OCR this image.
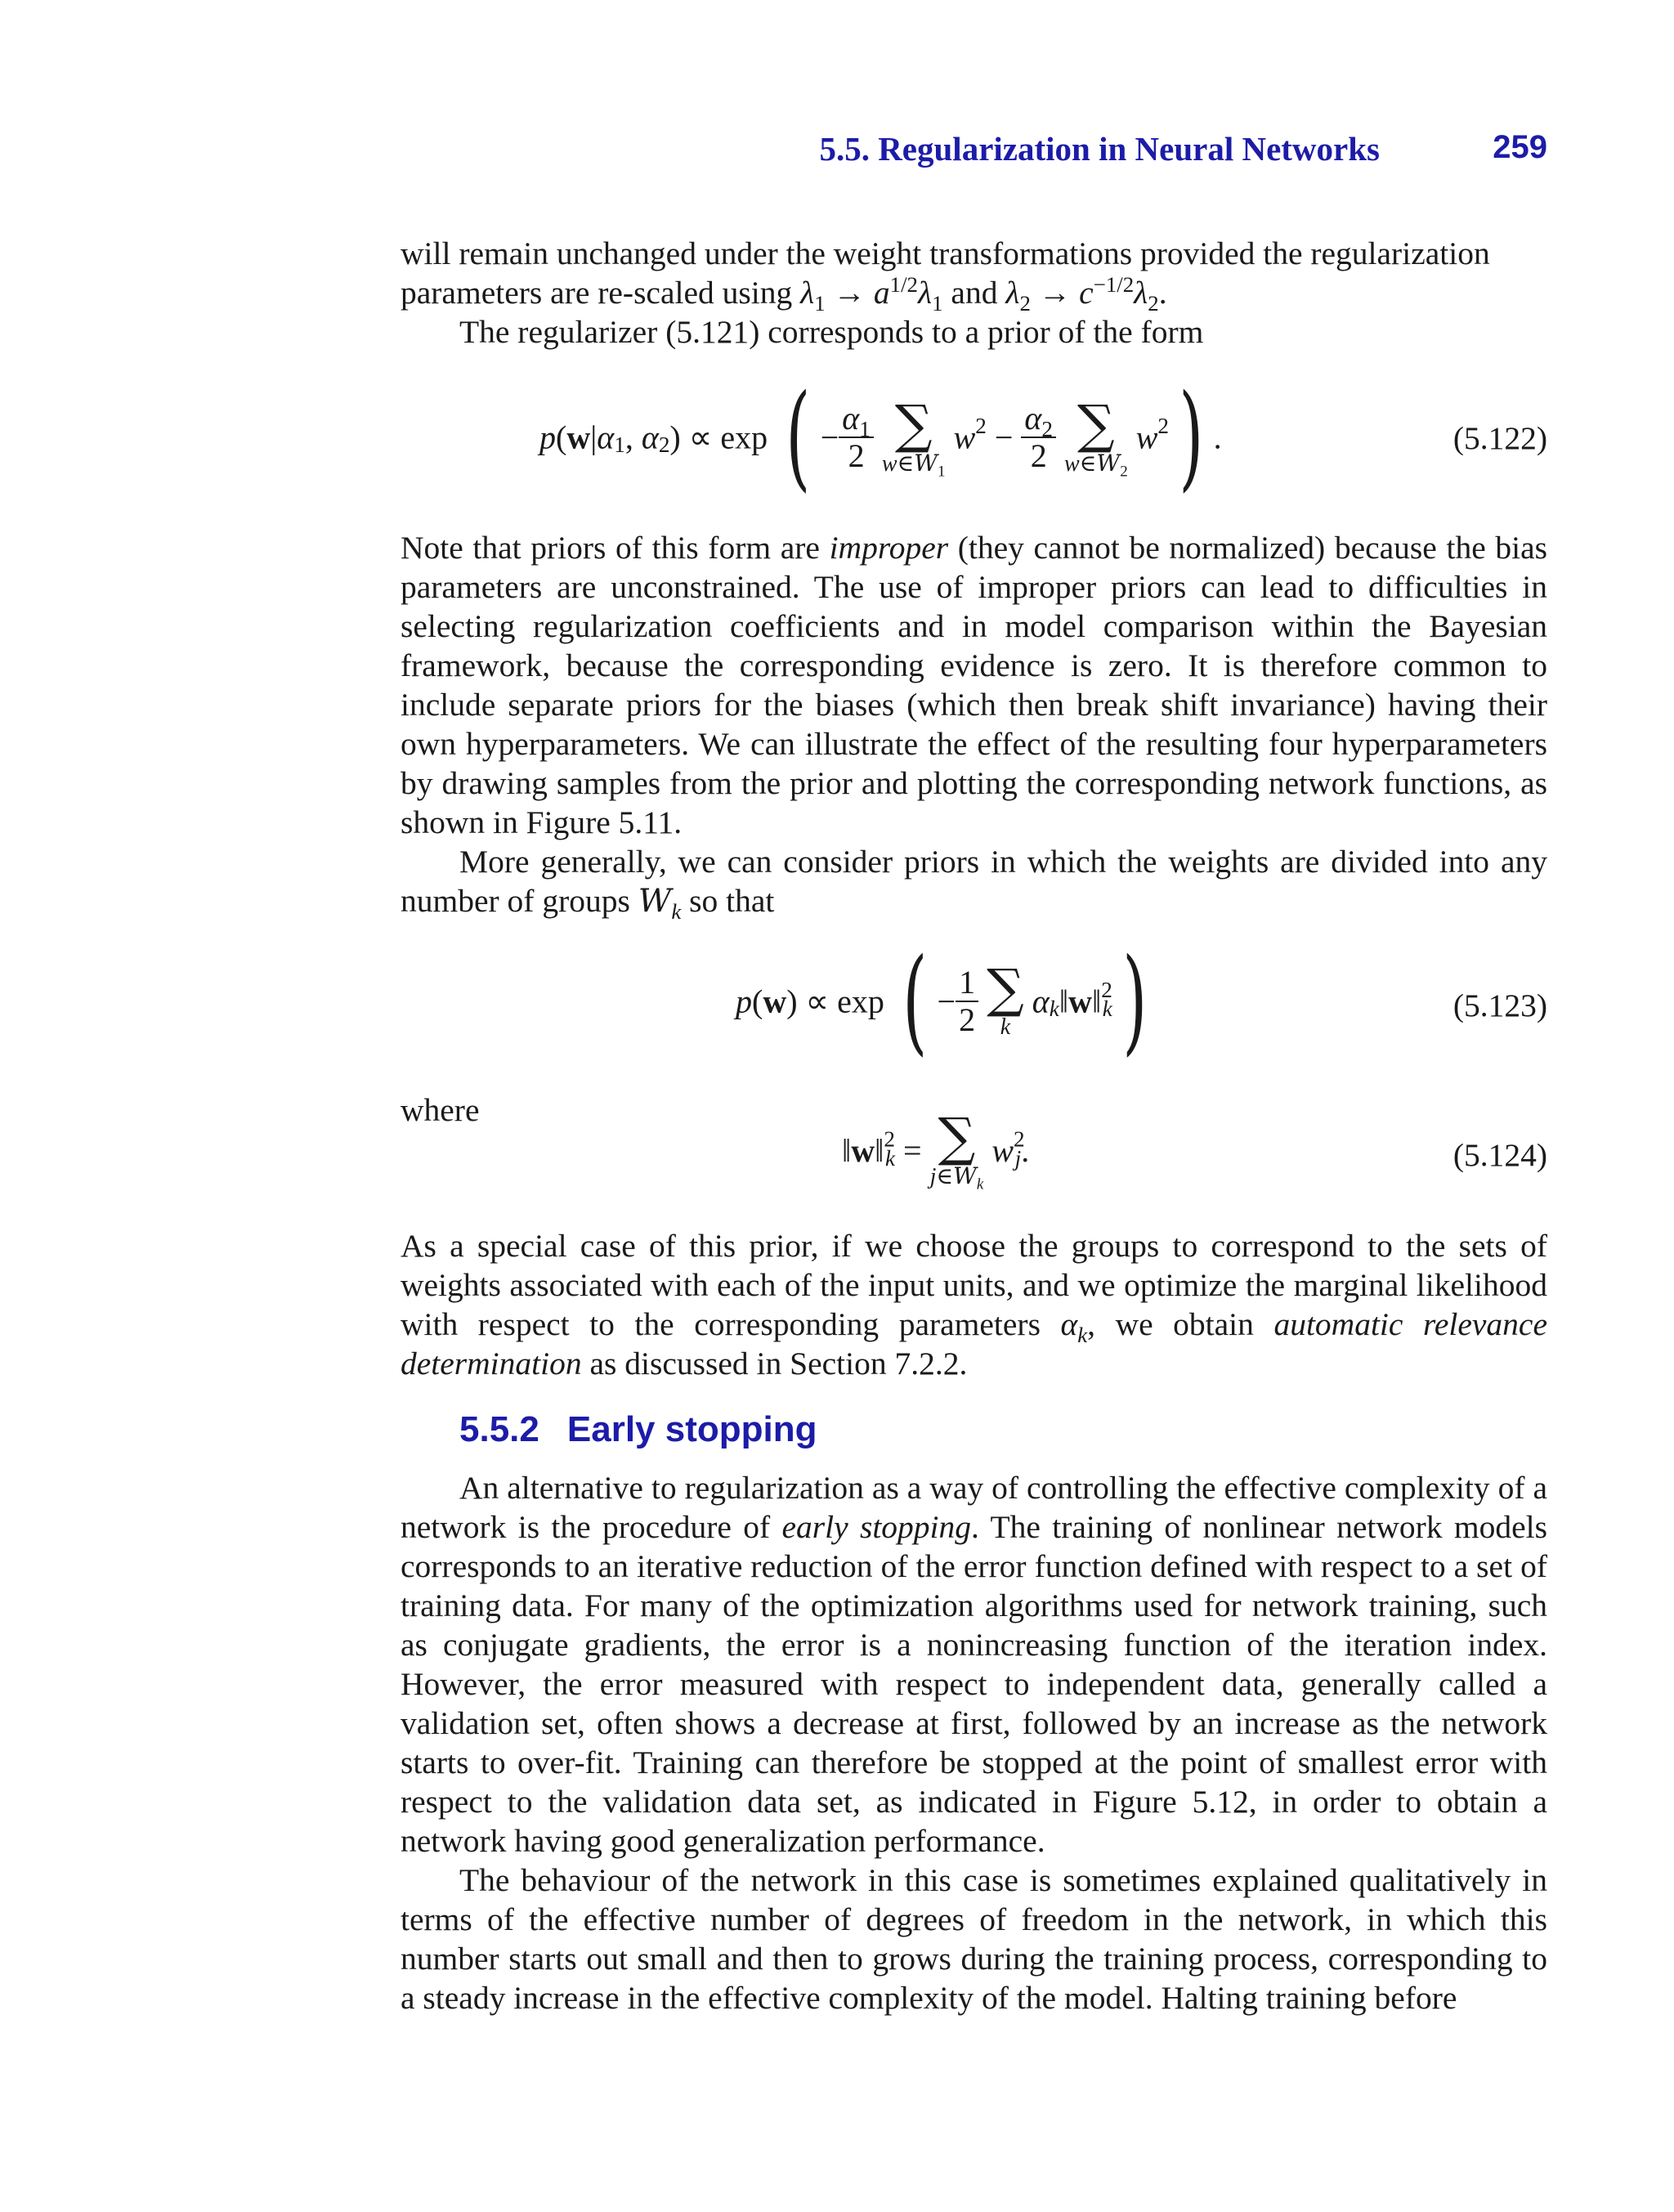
5.5. Regularization in Neural Networks	259

will remain unchanged under the weight transformations provided the regularization
parameters are re-scaled using $\lambda_1 \to a^{1/2}\lambda_1$ and $\lambda_2 \to c^{-1/2}\lambda_2$.

The regularizer (5.121) corresponds to a prior of the form

$p(w|\alpha_1$, $\alpha_2) \propto \exp$ ( − $\frac{\alpha_1}{2}$
∑
$w\in W_1$
$w^2 - \frac{\alpha_2}{2}$
∑
$w\in W_2$
$w^2$) .	(5.122)

Note that priors of this form are improper (they cannot be normalized) because the bias parameters are unconstrained. The use of improper priors can lead to difficulties in selecting regularization coefficients and in model comparison within the Bayesian framework, because the corresponding evidence is zero. It is therefore common to include separate priors for the biases (which then break shift invariance) having their own hyperparameters. We can illustrate the effect of the resulting four hyperparameters by drawing samples from the prior and plotting the corresponding network functions, as shown in Figure 5.11.

More generally, we can consider priors in which the weights are divided into any number of groups $W_k$ so that

p(w) ∝ exp ( − $\frac{1}{2}$
∑
k
$\alpha_k‖w‖^2_k$)	(5.123)
where
‖w‖$^2_k$ = ∑
$j\in W_k$
$w^2_j$.	(5.124)

As a special case of this prior, if we choose the groups to correspond to the sets of weights associated with each of the input units, and we optimize the marginal likelihood with respect to the corresponding parameters $\alpha_k$, we obtain automatic relevance determination as discussed in Section 7.2.2.

5.5.2 Early stopping

An alternative to regularization as a way of controlling the effective complexity of a network is the procedure of early stopping. The training of nonlinear network models corresponds to an iterative reduction of the error function defined with respect to a set of training data. For many of the optimization algorithms used for network training, such as conjugate gradients, the error is a nonincreasing function of the iteration index. However, the error measured with respect to independent data, generally called a validation set, often shows a decrease at first, followed by an increase as the network starts to over-fit. Training can therefore be stopped at the point of smallest error with respect to the validation data set, as indicated in Figure 5.12, in order to obtain a network having good generalization performance.

The behaviour of the network in this case is sometimes explained qualitatively in terms of the effective number of degrees of freedom in the network, in which this number starts out small and then to grows during the training process, corresponding to a steady increase in the effective complexity of the model. Halting training before
